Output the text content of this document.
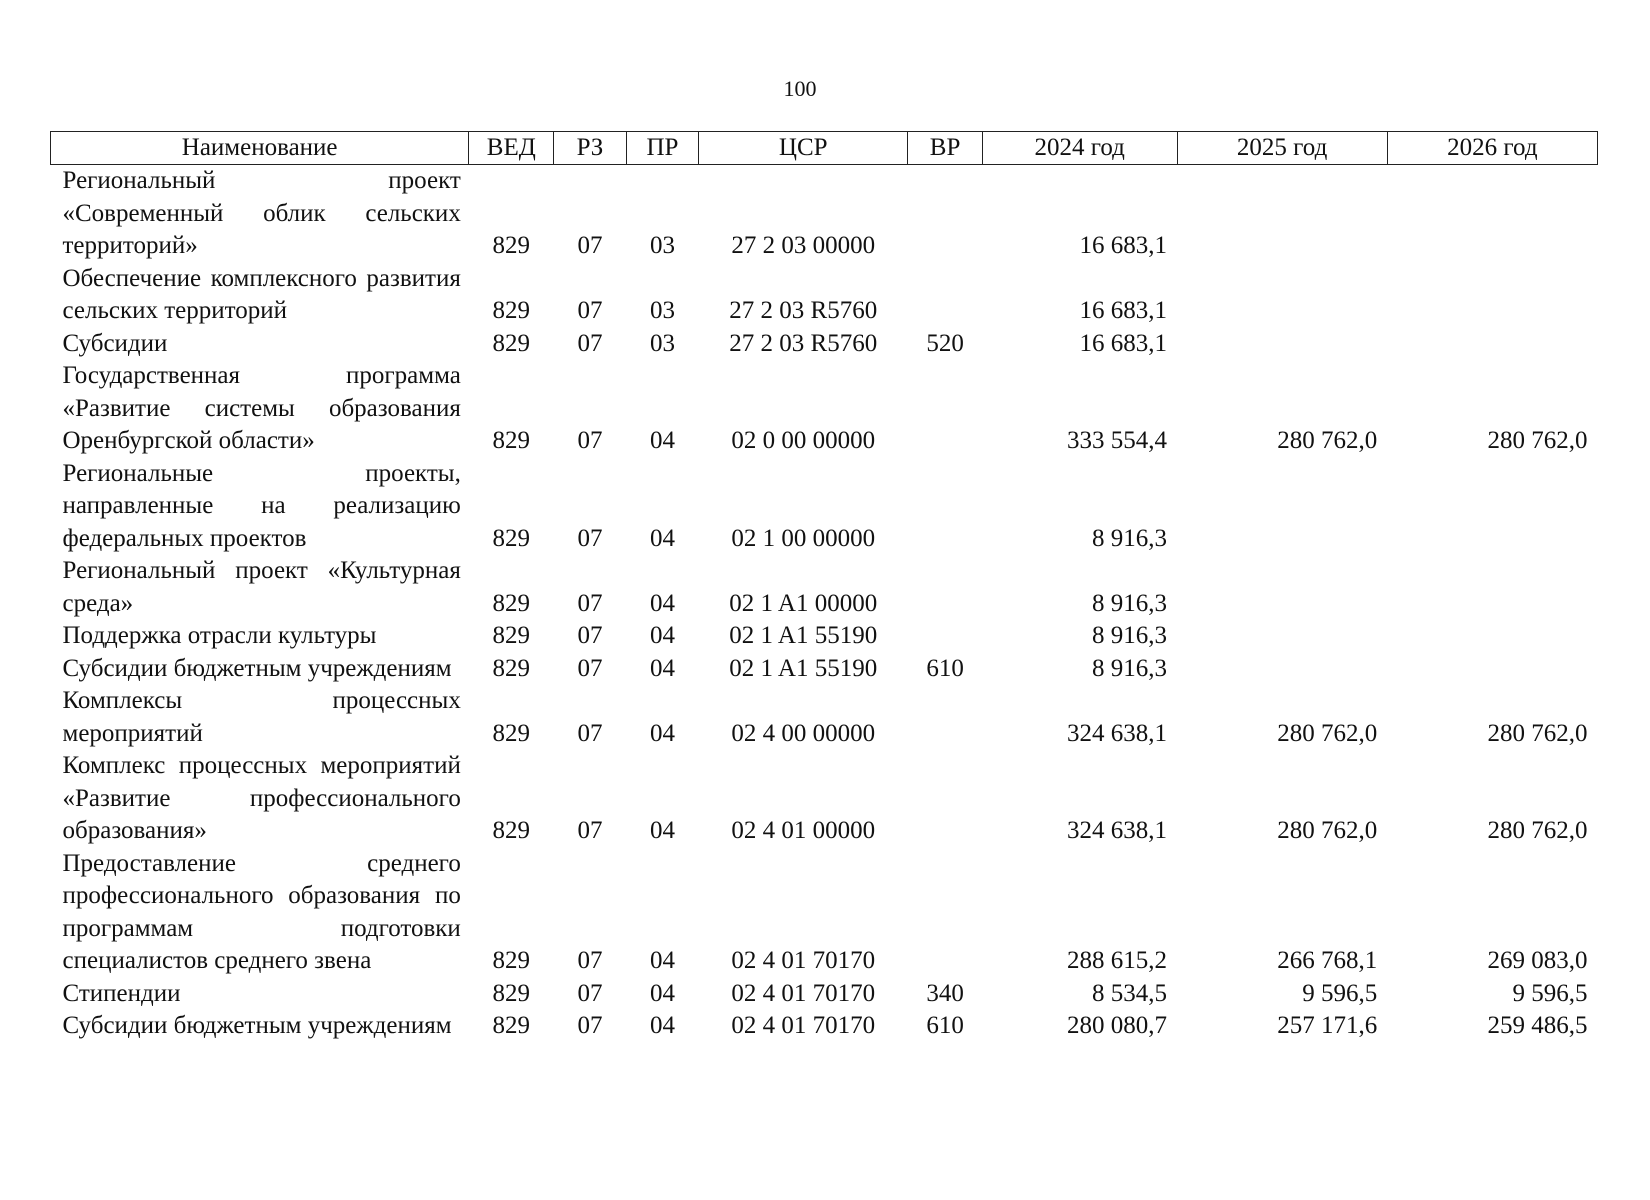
100
Наименование	ВЕД	РЗ	ПР	ЦСР	ВР	2024 год	2025 год	2026 год
Региональный проект «Современный облик сельских территорий»	829	07	03	27 2 03 00000		16 683,1		
Обеспечение комплексного развития сельских территорий	829	07	03	27 2 03 R5760		16 683,1		
Субсидии	829	07	03	27 2 03 R5760	520	16 683,1		
Государственная программа «Развитие системы образования Оренбургской области»	829	07	04	02 0 00 00000		333 554,4	280 762,0	280 762,0
Региональные проекты, направленные на реализацию федеральных проектов	829	07	04	02 1 00 00000		8 916,3		
Региональный проект «Культурная среда»	829	07	04	02 1 A1 00000		8 916,3		
Поддержка отрасли культуры	829	07	04	02 1 A1 55190		8 916,3		
Субсидии бюджетным учреждениям	829	07	04	02 1 A1 55190	610	8 916,3		
Комплексы процессных мероприятий	829	07	04	02 4 00 00000		324 638,1	280 762,0	280 762,0
Комплекс процессных мероприятий «Развитие профессионального образования»	829	07	04	02 4 01 00000		324 638,1	280 762,0	280 762,0
Предоставление среднего профессионального образования по программам подготовки специалистов среднего звена	829	07	04	02 4 01 70170		288 615,2	266 768,1	269 083,0
Стипендии	829	07	04	02 4 01 70170	340	8 534,5	9 596,5	9 596,5
Субсидии бюджетным учреждениям	829	07	04	02 4 01 70170	610	280 080,7	257 171,6	259 486,5
